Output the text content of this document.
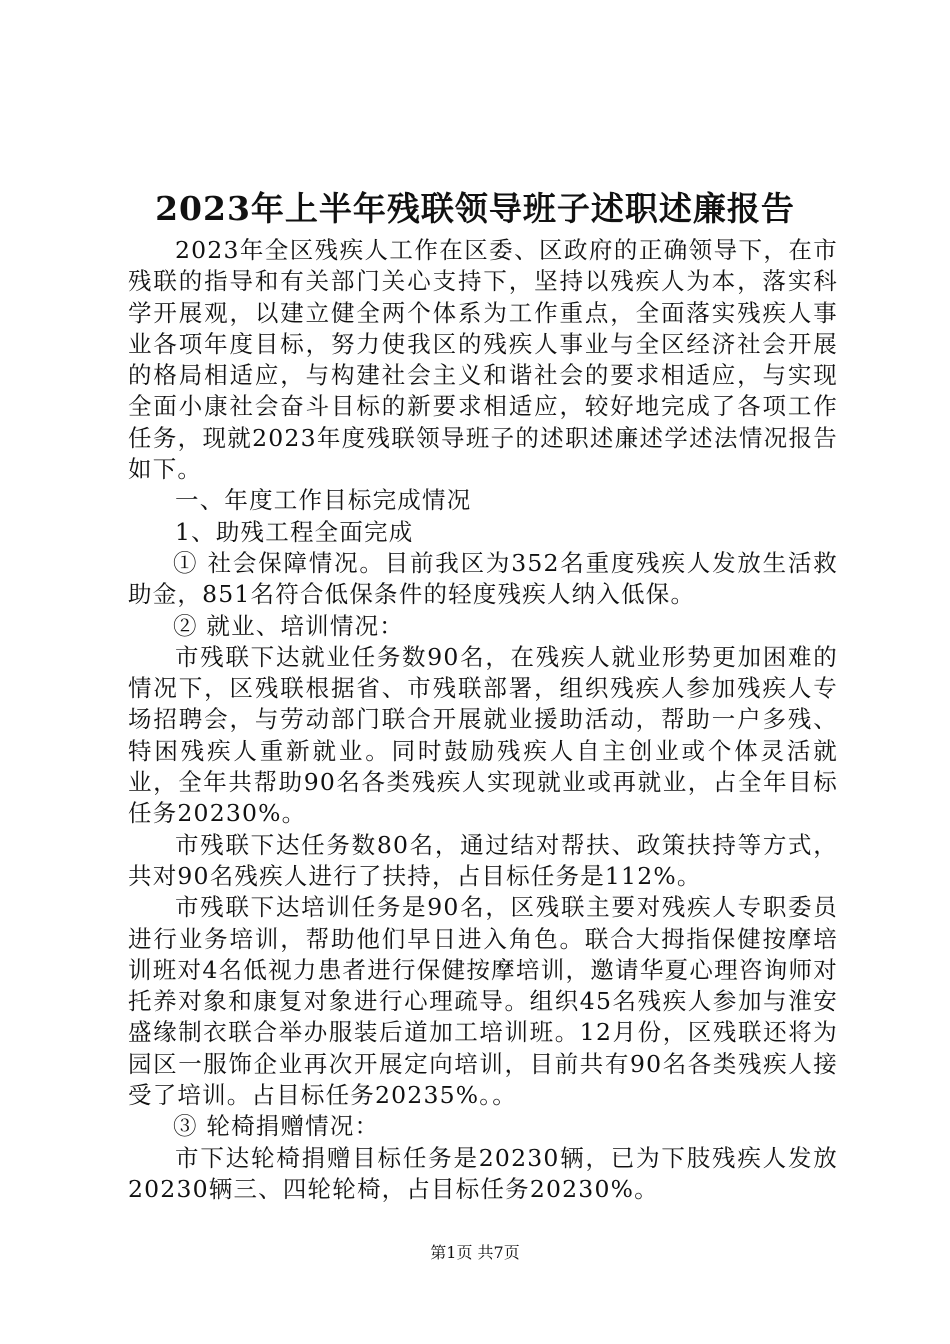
2023年上半年残联领导班子述职述廉报告

2023年全区残疾人工作在区委、区政府的正确领导下，在市残联的指导和有关部门关心支持下，坚持以残疾人为本，落实科学开展观，以建立健全两个体系为工作重点，全面落实残疾人事业各项年度目标，努力使我区的残疾人事业与全区经济社会开展的格局相适应，与构建社会主义和谐社会的要求相适应，与实现全面小康社会奋斗目标的新要求相适应，较好地完成了各项工作任务，现就2023年度残联领导班子的述职述廉述学述法情况报告如下。

一、年度工作目标完成情况

1、助残工程全面完成

① 社会保障情况。目前我区为352名重度残疾人发放生活救助金，851名符合低保条件的轻度残疾人纳入低保。

② 就业、培训情况：

市残联下达就业任务数90名，在残疾人就业形势更加困难的情况下，区残联根据省、市残联部署，组织残疾人参加残疾人专场招聘会，与劳动部门联合开展就业援助活动，帮助一户多残、特困残疾人重新就业。同时鼓励残疾人自主创业或个体灵活就业，全年共帮助90名各类残疾人实现就业或再就业，占全年目标任务20230%。

市残联下达任务数80名，通过结对帮扶、政策扶持等方式，共对90名残疾人进行了扶持，占目标任务是112%。

市残联下达培训任务是90名，区残联主要对残疾人专职委员进行业务培训，帮助他们早日进入角色。联合大拇指保健按摩培训班对4名低视力患者进行保健按摩培训，邀请华夏心理咨询师对托养对象和康复对象进行心理疏导。组织45名残疾人参加与淮安盛缘制衣联合举办服装后道加工培训班。12月份，区残联还将为园区一服饰企业再次开展定向培训，目前共有90名各类残疾人接受了培训。占目标任务20235%。。

③ 轮椅捐赠情况：

市下达轮椅捐赠目标任务是20230辆，已为下肢残疾人发放20230辆三、四轮轮椅，占目标任务20230%。

第1页 共7页
